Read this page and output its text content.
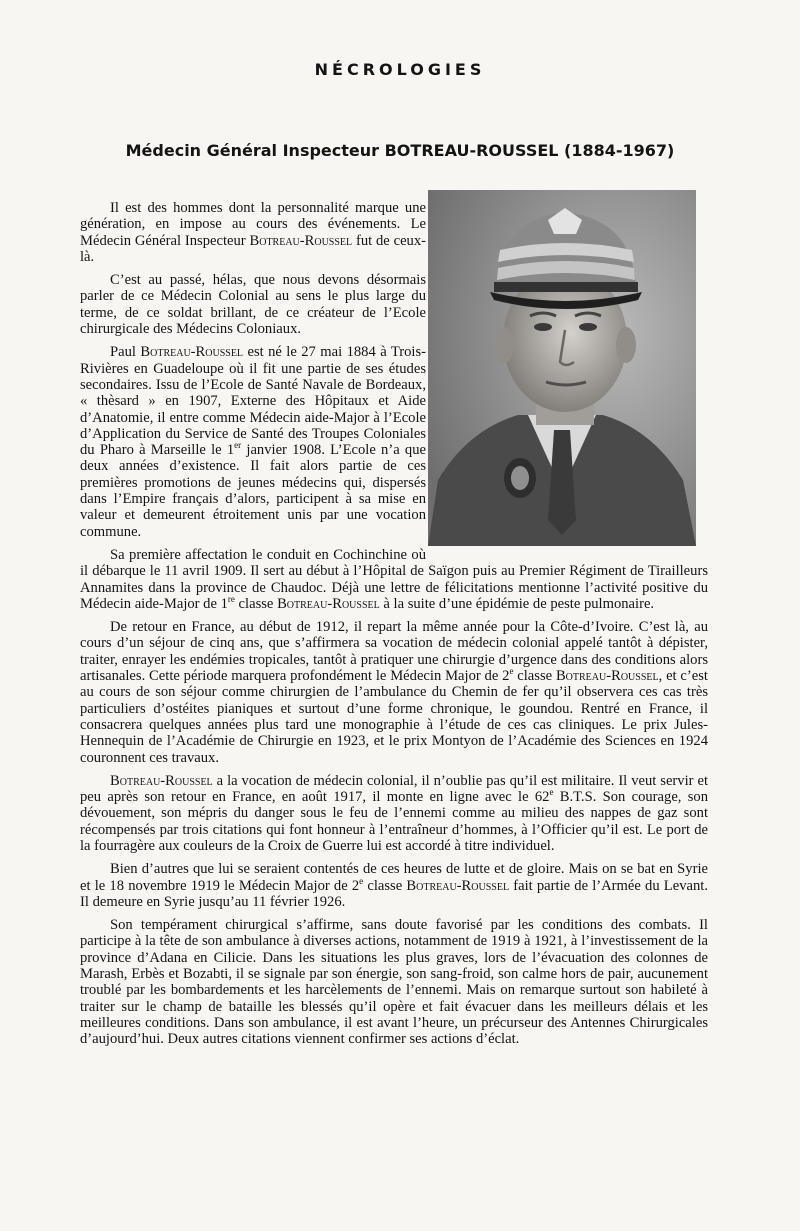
NÉCROLOGIES
Médecin Général Inspecteur BOTREAU-ROUSSEL (1884-1967)

Il est des hommes dont la personnalité marque une génération, en impose au cours des événements. Le Médecin Général Inspecteur Botreau-Roussel fut de ceux-là.

C’est au passé, hélas, que nous devons désormais parler de ce Médecin Colonial au sens le plus large du terme, de ce soldat brillant, de ce créateur de l’Ecole chirurgicale des Médecins Coloniaux.

Paul Botreau-Roussel est né le 27 mai 1884 à Trois-Rivières en Guadeloupe où il fit une partie de ses études secondaires. Issu de l’Ecole de Santé Navale de Bordeaux, « thèsard » en 1907, Externe des Hôpitaux et Aide d’Anatomie, il entre comme Médecin aide-Major à l’Ecole d’Application du Service de Santé des Troupes Coloniales du Pharo à Marseille le 1er janvier 1908. L’Ecole n’a que deux années d’existence. Il fait alors partie de ces premières promotions de jeunes médecins qui, dispersés dans l’Empire français d’alors, participent à sa mise en valeur et demeurent étroitement unis par une vocation commune.

Sa première affectation le conduit en Cochinchine où il débarque le 11 avril 1909. Il sert au début à l’Hôpital de Saïgon puis au Premier Régiment de Tirailleurs Annamites dans la province de Chaudoc. Déjà une lettre de félicitations mentionne l’activité positive du Médecin aide-Major de 1re classe Botreau-Roussel à la suite d’une épidémie de peste pulmonaire.

De retour en France, au début de 1912, il repart la même année pour la Côte-d’Ivoire. C’est là, au cours d’un séjour de cinq ans, que s’affirmera sa vocation de médecin colonial appelé tantôt à dépister, traiter, enrayer les endémies tropicales, tantôt à pratiquer une chirurgie d’urgence dans des conditions alors artisanales. Cette période marquera profondément le Médecin Major de 2e classe Botreau-Roussel, et c’est au cours de son séjour comme chirurgien de l’ambulance du Chemin de fer qu’il observera ces cas très particuliers d’ostéites pianiques et surtout d’une forme chronique, le goundou. Rentré en France, il consacrera quelques années plus tard une monographie à l’étude de ces cas cliniques. Le prix Jules-Hennequin de l’Académie de Chirurgie en 1923, et le prix Montyon de l’Académie des Sciences en 1924 couronnent ces travaux.

Botreau-Roussel a la vocation de médecin colonial, il n’oublie pas qu’il est militaire. Il veut servir et peu après son retour en France, en août 1917, il monte en ligne avec le 62e B.T.S. Son courage, son dévouement, son mépris du danger sous le feu de l’ennemi comme au milieu des nappes de gaz sont récompensés par trois citations qui font honneur à l’entraîneur d’hommes, à l’Officier qu’il est. Le port de la fourragère aux couleurs de la Croix de Guerre lui est accordé à titre individuel.

Bien d’autres que lui se seraient contentés de ces heures de lutte et de gloire. Mais on se bat en Syrie et le 18 novembre 1919 le Médecin Major de 2e classe Botreau-Roussel fait partie de l’Armée du Levant. Il demeure en Syrie jusqu’au 11 février 1926.

Son tempérament chirurgical s’affirme, sans doute favorisé par les conditions des combats. Il participe à la tête de son ambulance à diverses actions, notamment de 1919 à 1921, à l’investissement de la province d’Adana en Cilicie. Dans les situations les plus graves, lors de l’évacuation des colonnes de Marash, Erbès et Bozabti, il se signale par son énergie, son sang-froid, son calme hors de pair, aucunement troublé par les bombardements et les harcèlements de l’ennemi. Mais on remarque surtout son habileté à traiter sur le champ de bataille les blessés qu’il opère et fait évacuer dans les meilleurs délais et les meilleures conditions. Dans son ambulance, il est avant l’heure, un précurseur des Antennes Chirurgicales d’aujourd’hui. Deux autres citations viennent confirmer ses actions d’éclat.
